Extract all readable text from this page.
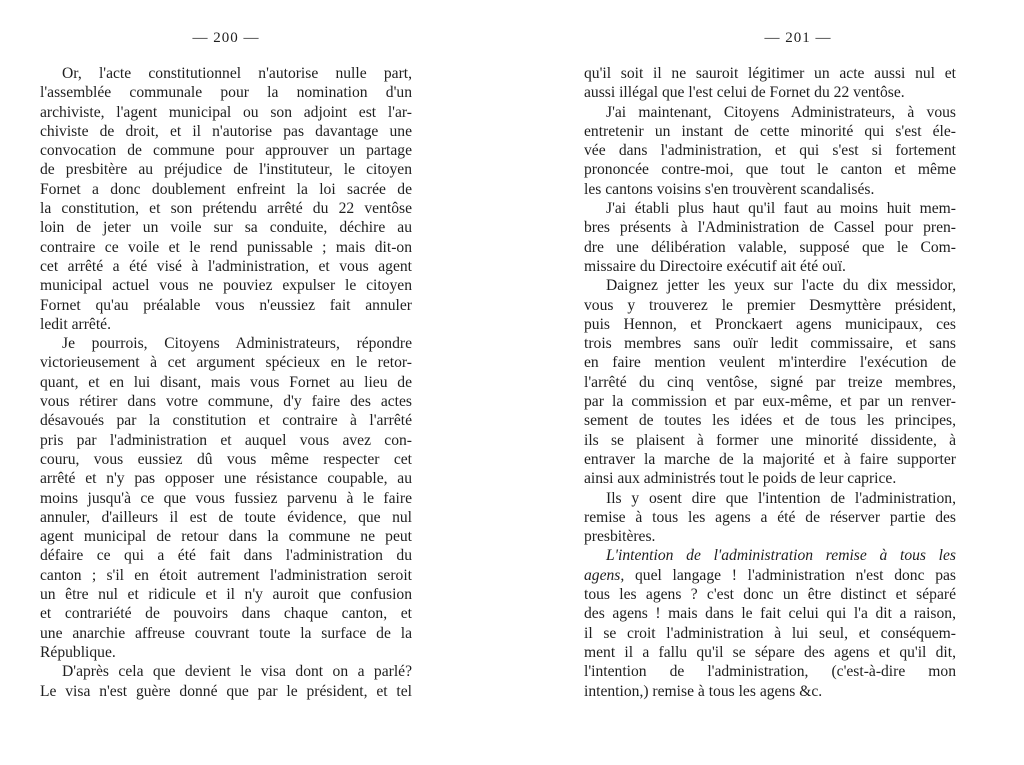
— 200 —
Or, l'acte constitutionnel n'autorise nulle part,
l'assemblée communale pour la nomination d'un
archiviste, l'agent municipal ou son adjoint est l'ar-
chiviste de droit, et il n'autorise pas davantage une
convocation de commune pour approuver un partage
de presbitère au préjudice de l'instituteur, le citoyen
Fornet a donc doublement enfreint la loi sacrée de
la constitution, et son prétendu arrêté du 22 ventôse
loin de jeter un voile sur sa conduite, déchire au
contraire ce voile et le rend punissable ; mais dit-on
cet arrêté a été visé à l'administration, et vous agent
municipal actuel vous ne pouviez expulser le citoyen
Fornet qu'au préalable vous n'eussiez fait annuler
ledit arrêté.
Je pourrois, Citoyens Administrateurs, répondre
victorieusement à cet argument spécieux en le retor-
quant, et en lui disant, mais vous Fornet au lieu de
vous rétirer dans votre commune, d'y faire des actes
désavoués par la constitution et contraire à l'arrêté
pris par l'administration et auquel vous avez con-
couru, vous eussiez dû vous même respecter cet
arrêté et n'y pas opposer une résistance coupable, au
moins jusqu'à ce que vous fussiez parvenu à le faire
annuler, d'ailleurs il est de toute évidence, que nul
agent municipal de retour dans la commune ne peut
défaire ce qui a été fait dans l'administration du
canton ; s'il en étoit autrement l'administration seroit
un être nul et ridicule et il n'y auroit que confusion
et contrariété de pouvoirs dans chaque canton, et
une anarchie affreuse couvrant toute la surface de la
République.
D'après cela que devient le visa dont on a parlé?
Le visa n'est guère donné que par le président, et tel
— 201 —
qu'il soit il ne sauroit légitimer un acte aussi nul et
aussi illégal que l'est celui de Fornet du 22 ventôse.
J'ai maintenant, Citoyens Administrateurs, à vous
entretenir un instant de cette minorité qui s'est éle-
vée dans l'administration, et qui s'est si fortement
prononcée contre-moi, que tout le canton et même
les cantons voisins s'en trouvèrent scandalisés.
J'ai établi plus haut qu'il faut au moins huit mem-
bres présents à l'Administration de Cassel pour pren-
dre une délibération valable, supposé que le Com-
missaire du Directoire exécutif ait été ouï.
Daignez jetter les yeux sur l'acte du dix messidor,
vous y trouverez le premier Desmyttère président,
puis Hennon, et Pronckaert agens municipaux, ces
trois membres sans ouïr ledit commissaire, et sans
en faire mention veulent m'interdire l'exécution de
l'arrêté du cinq ventôse, signé par treize membres,
par la commission et par eux-même, et par un renver-
sement de toutes les idées et de tous les principes,
ils se plaisent à former une minorité dissidente, à
entraver la marche de la majorité et à faire supporter
ainsi aux administrés tout le poids de leur caprice.
Ils y osent dire que l'intention de l'administration,
remise à tous les agens a été de réserver partie des
presbitères.
L'intention de l'administration remise à tous les
agens, quel langage ! l'administration n'est donc pas
tous les agens ? c'est donc un être distinct et séparé
des agens ! mais dans le fait celui qui l'a dit a raison,
il se croit l'administration à lui seul, et conséquem-
ment il a fallu qu'il se sépare des agens et qu'il dit,
l'intention de l'administration, (c'est-à-dire mon
intention,) remise à tous les agens &c.
